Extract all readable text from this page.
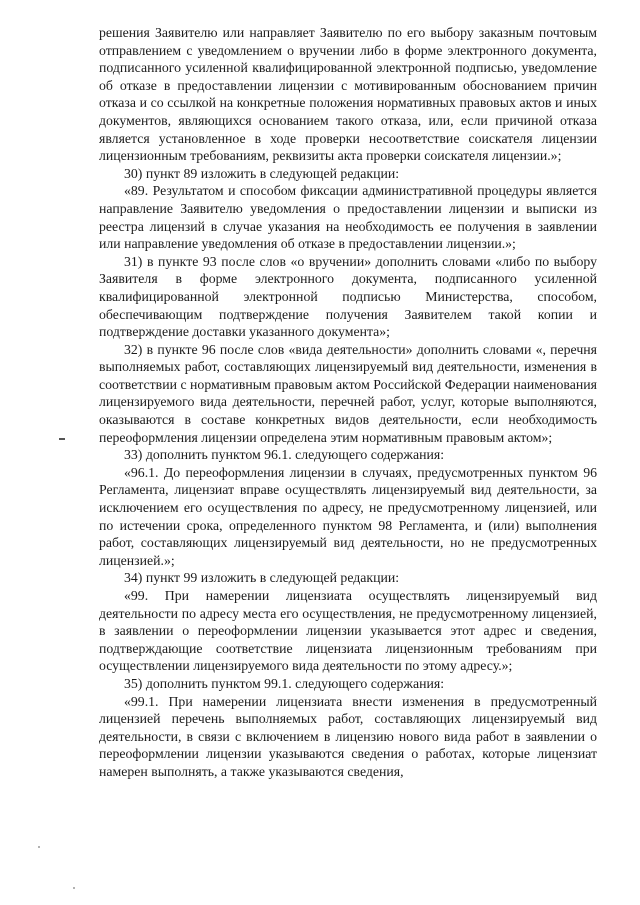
решения Заявителю или направляет Заявителю по его выбору заказным почтовым отправлением с уведомлением о вручении либо в форме электронного документа, подписанного усиленной квалифицированной электронной подписью, уведомление об отказе в предоставлении лицензии с мотивированным обоснованием причин отказа и со ссылкой на конкретные положения нормативных правовых актов и иных документов, являющихся основанием такого отказа, или, если причиной отказа является установленное в ходе проверки несоответствие соискателя лицензии лицензионным требованиям, реквизиты акта проверки соискателя лицензии.»;

30) пункт 89 изложить в следующей редакции:

«89. Результатом и способом фиксации административной процедуры является направление Заявителю уведомления о предоставлении лицензии и выписки из реестра лицензий в случае указания на необходимость ее получения в заявлении или направление уведомления об отказе в предоставлении лицензии.»;

31) в пункте 93 после слов «о вручении» дополнить словами «либо по выбору Заявителя в форме электронного документа, подписанного усиленной квалифицированной электронной подписью Министерства, способом, обеспечивающим подтверждение получения Заявителем такой копии и подтверждение доставки указанного документа»;

32) в пункте 96 после слов «вида деятельности» дополнить словами «, перечня выполняемых работ, составляющих лицензируемый вид деятельности, изменения в соответствии с нормативным правовым актом Российской Федерации наименования лицензируемого вида деятельности, перечней работ, услуг, которые выполняются, оказываются в составе конкретных видов деятельности, если необходимость переоформления лицензии определена этим нормативным правовым актом»;

33) дополнить пунктом 96.1. следующего содержания:

«96.1. До переоформления лицензии в случаях, предусмотренных пунктом 96 Регламента, лицензиат вправе осуществлять лицензируемый вид деятельности, за исключением его осуществления по адресу, не предусмотренному лицензией, или по истечении срока, определенного пунктом 98 Регламента, и (или) выполнения работ, составляющих лицензируемый вид деятельности, но не предусмотренных лицензией.»;

34) пункт 99 изложить в следующей редакции:

«99. При намерении лицензиата осуществлять лицензируемый вид деятельности по адресу места его осуществления, не предусмотренному лицензией, в заявлении о переоформлении лицензии указывается этот адрес и сведения, подтверждающие соответствие лицензиата лицензионным требованиям при осуществлении лицензируемого вида деятельности по этому адресу.»;

35) дополнить пунктом 99.1. следующего содержания:

«99.1. При намерении лицензиата внести изменения в предусмотренный лицензией перечень выполняемых работ, составляющих лицензируемый вид деятельности, в связи с включением в лицензию нового вида работ в заявлении о переоформлении лицензии указываются сведения о работах, которые лицензиат намерен выполнять, а также указываются сведения,
